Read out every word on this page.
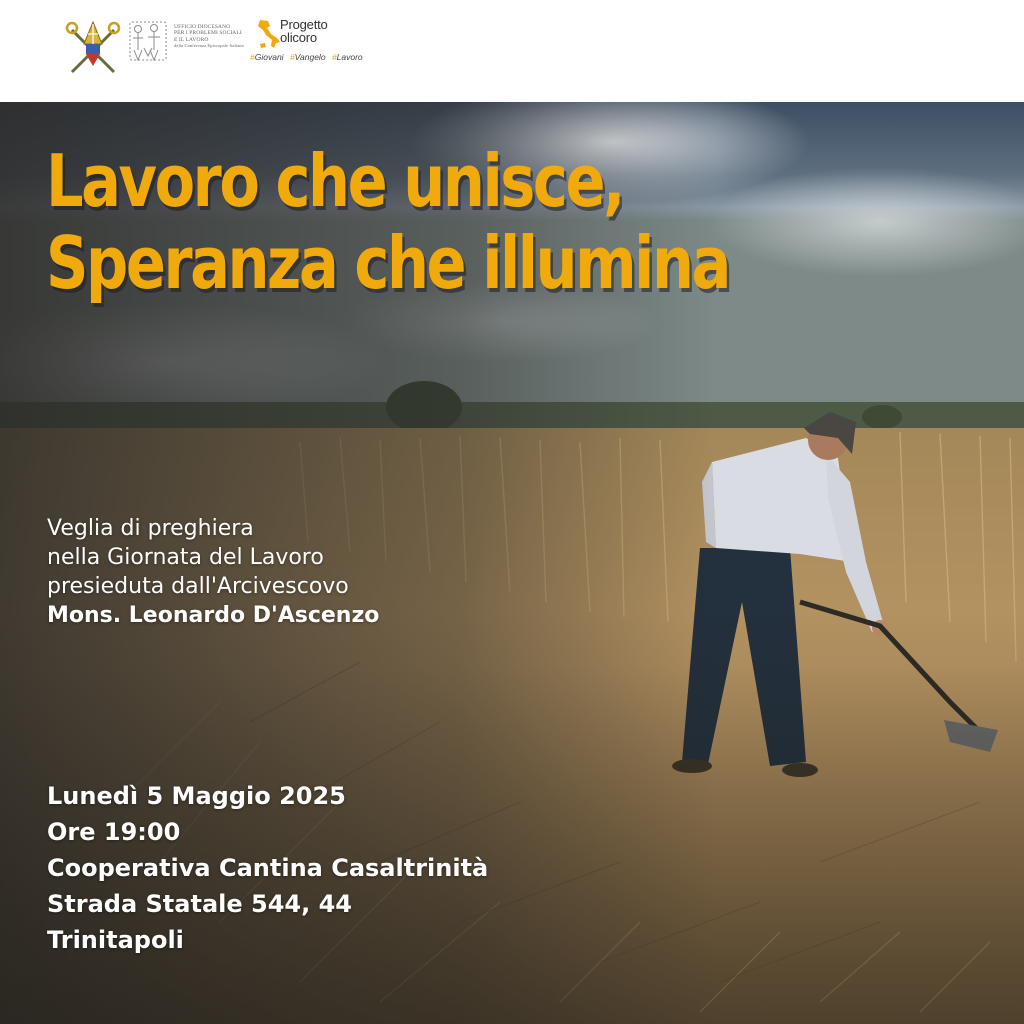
UFFICIO DIOCESANO
PER I PROBLEMI SOCIALI
E IL LAVORO
della Conferenza Episcopale Italiana
Progetto
olicoro
#Giovani #Vangelo #Lavoro
Lavoro che unisce,
Speranza che illumina
Veglia di preghiera
nella Giornata del Lavoro
presieduta dall'Arcivescovo
Mons. Leonardo D'Ascenzo
Lunedì 5 Maggio 2025
Ore 19:00
Cooperativa Cantina Casaltrinità
Strada Statale 544, 44
Trinitapoli
